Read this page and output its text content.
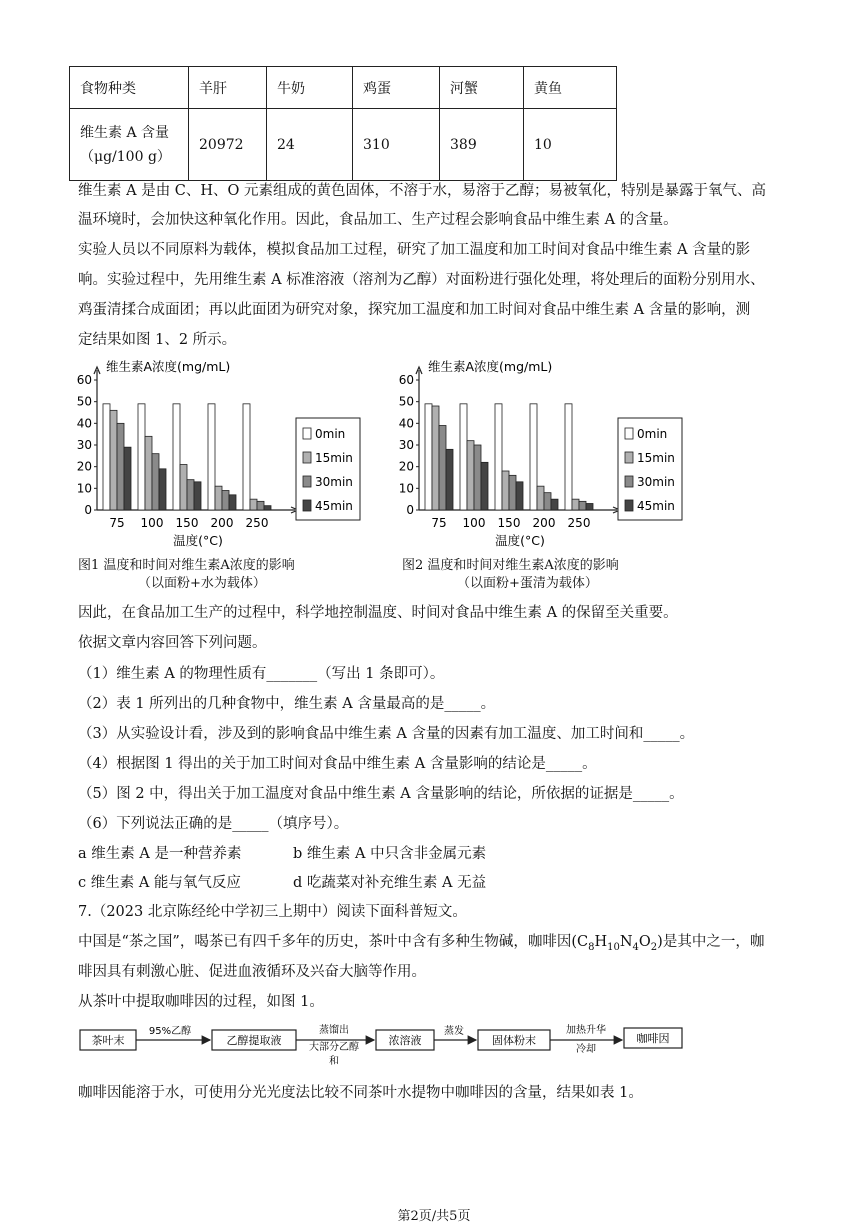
食物种类	羊肝	牛奶	鸡蛋	河蟹	黄鱼

维生素 A 含量
（μg/100 g）	20972	24	310	389	10
维生素 A 是由 C、H、O 元素组成的黄色固体，不溶于水，易溶于乙醇；易被氧化，特别是暴露于氧气、高
温环境时，会加快这种氧化作用。因此，食品加工、生产过程会影响食品中维生素 A 的含量。
实验人员以不同原料为载体，模拟食品加工过程，研究了加工温度和加工时间对食品中维生素 A 含量的影
响。实验过程中，先用维生素 A 标准溶液（溶剂为乙醇）对面粉进行强化处理，将处理后的面粉分别用水、
鸡蛋清揉合成面团；再以此面团为研究对象，探究加工温度和加工时间对食品中维生素 A 含量的影响，测
定结果如图 1、2 所示。
维生素A浓度(mg/mL)
0
10
20
30
40
50
60
75 100 150 200 250
温度(°C)
0min
15min
30min
45min
维生素A浓度(mg/mL)
0
10
20
30
40
50
60
75 100 150 200 250
温度(°C)
0min
15min
30min
45min
图1 温度和时间对维生素A浓度的影响
（以面粉+水为载体）
图2 温度和时间对维生素A浓度的影响
（以面粉+蛋清为载体）
因此，在食品加工生产的过程中，科学地控制温度、时间对食品中维生素 A 的保留至关重要。
依据文章内容回答下列问题。
（1）维生素 A 的物理性质有_______（写出 1 条即可）。
（2）表 1 所列出的几种食物中，维生素 A 含量最高的是_____。
（3）从实验设计看，涉及到的影响食品中维生素 A 含量的因素有加工温度、加工时间和_____。
（4）根据图 1 得出的关于加工时间对食品中维生素 A 含量影响的结论是_____。
（5）图 2 中，得出关于加工温度对食品中维生素 A 含量影响的结论，所依据的证据是_____。
（6）下列说法正确的是_____（填序号）。
a 维生素 A 是一种营养素	b 维生素 A 中只含非金属元素
c 维生素 A 能与氧气反应	d 吃蔬菜对补充维生素 A 无益
7.（2023 北京陈经纶中学初三上期中）阅读下面科普短文。
中国是“茶之国”，喝茶已有四千多年的历史，茶叶中含有多种生物碱，咖啡因$(C_8H_{10}N_4O_2)$是其中之一，咖
啡因具有刺激心脏、促进血液循环及兴奋大脑等作用。
从茶叶中提取咖啡因的过程，如图 1。
茶叶末
95%乙醇
乙醇提取液
蒸馏出
大部分乙醇
和
浓溶液
蒸发
固体粉末
加热升华
冷却
咖啡因
咖啡因能溶于水，可使用分光光度法比较不同茶叶水提物中咖啡因的含量，结果如表 1。
第2页/共5页
